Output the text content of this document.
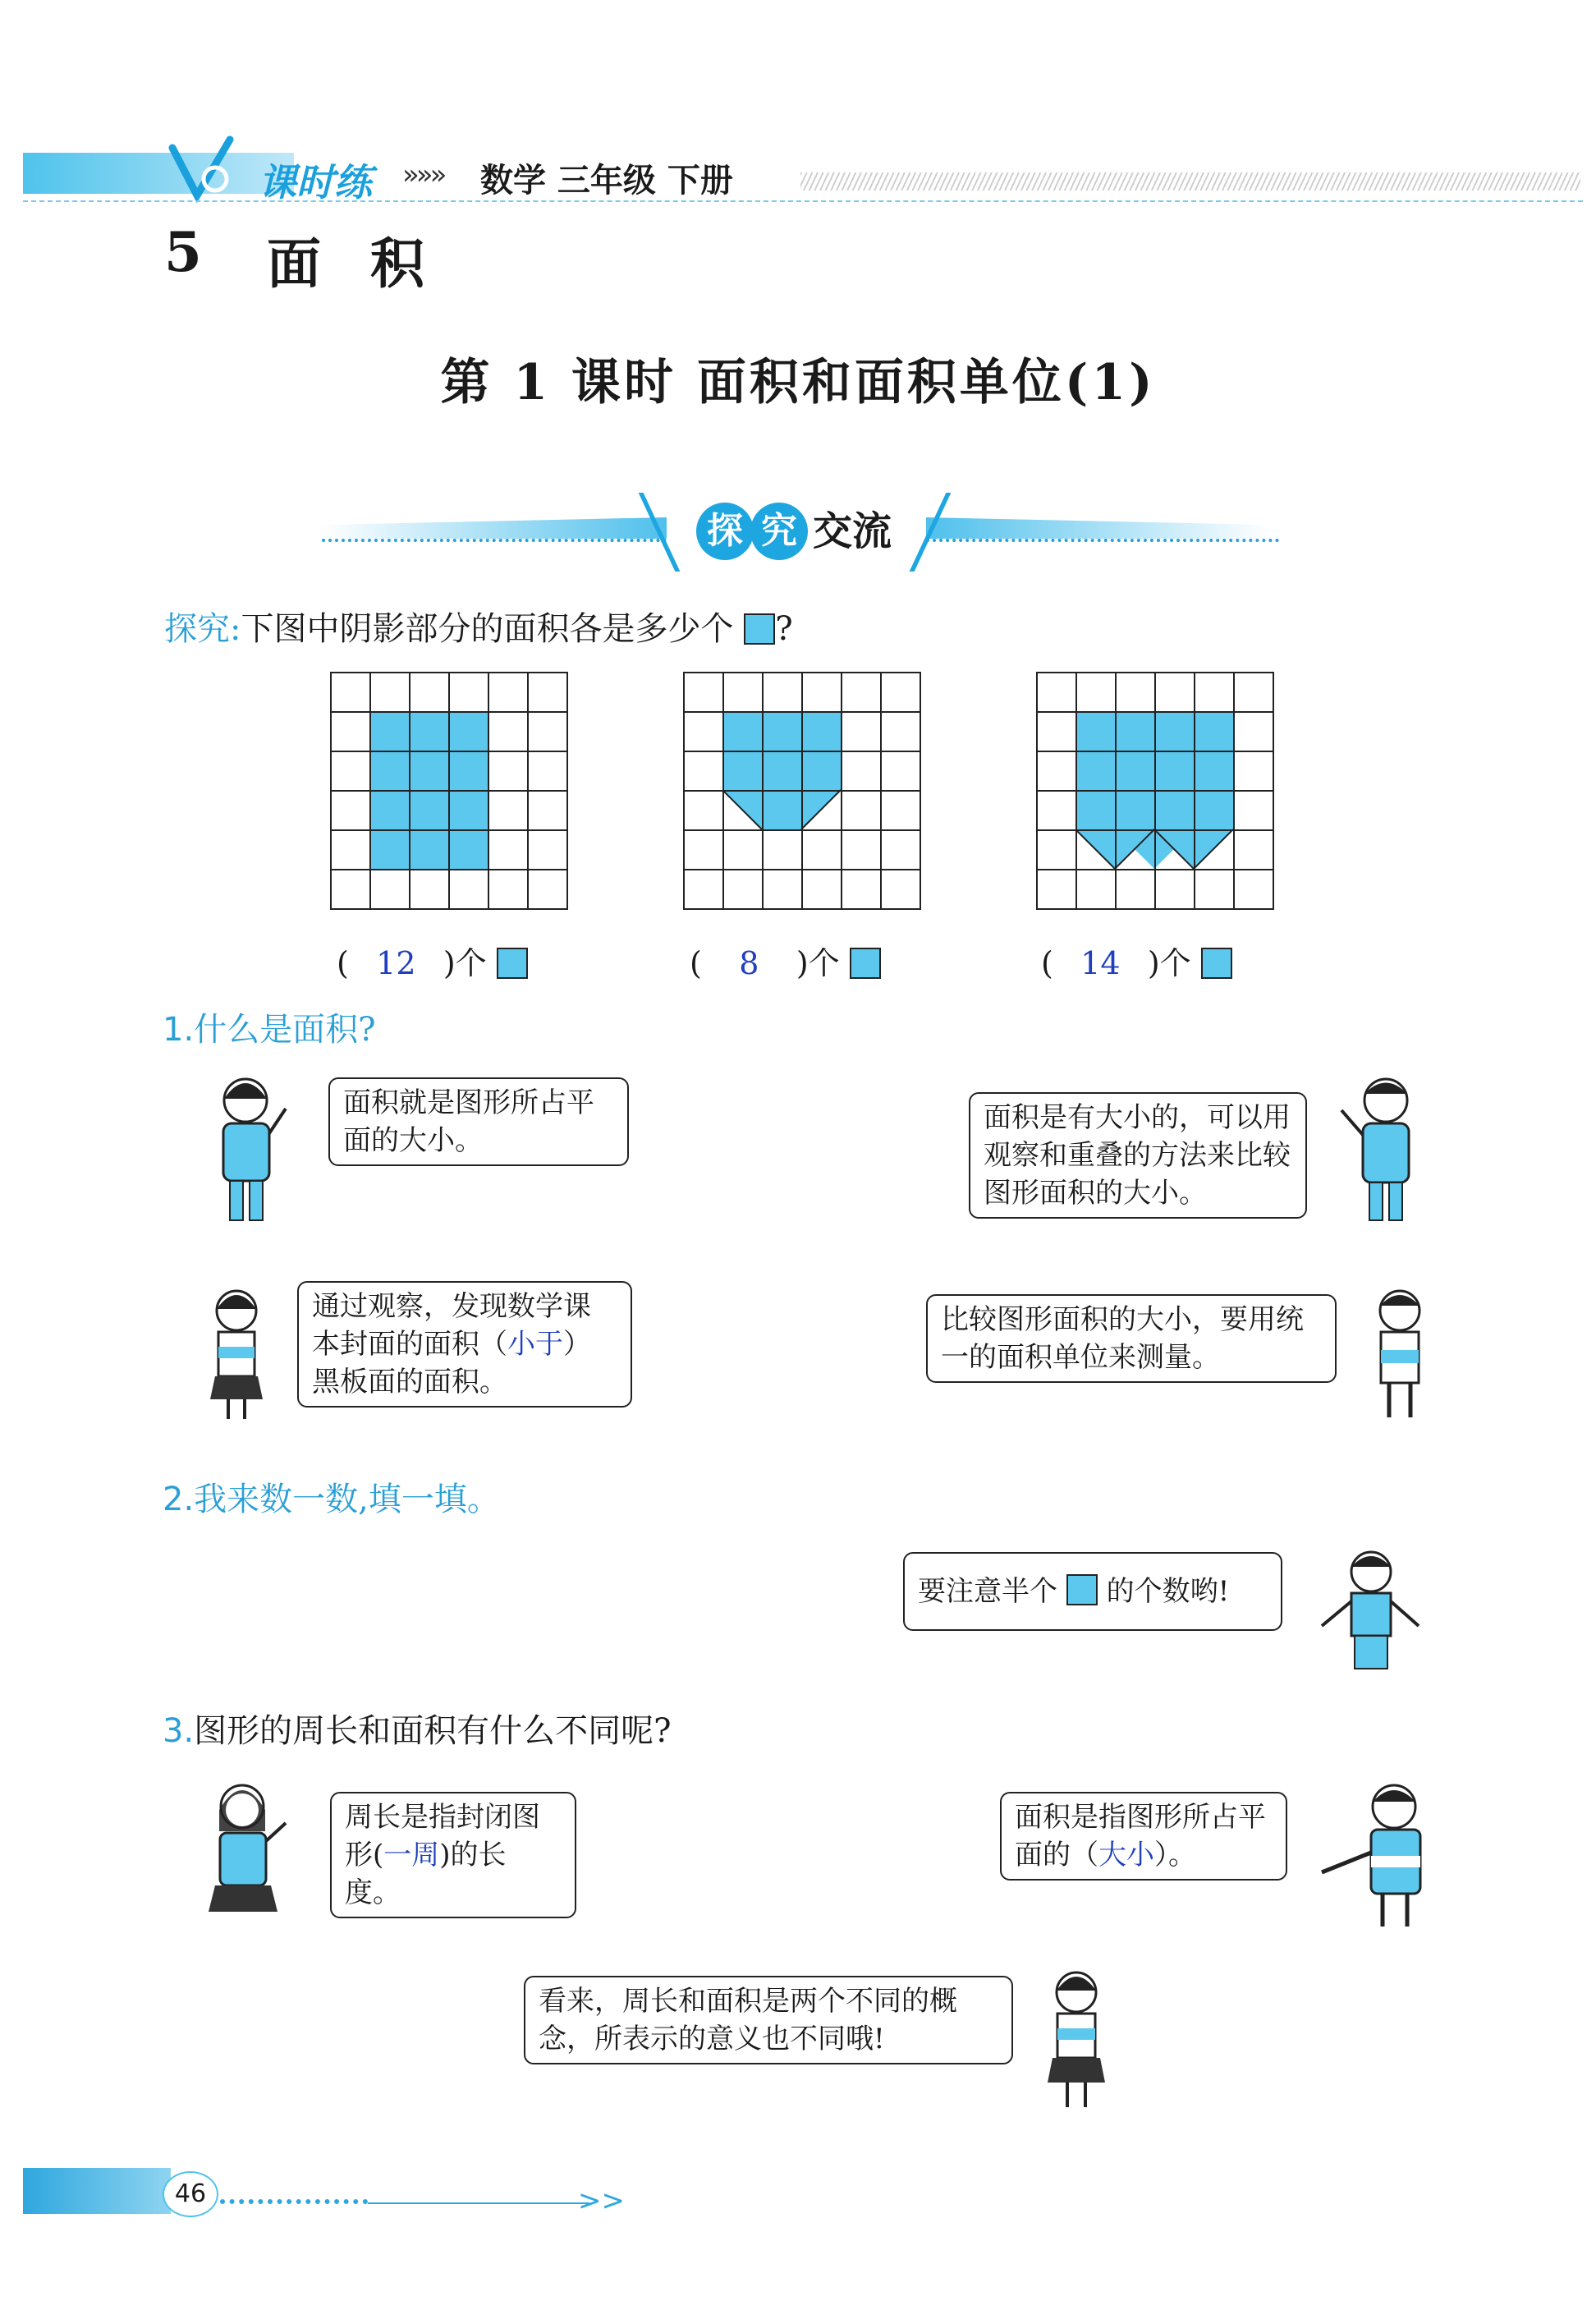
课时练 »»» 数学 三年级 下册
5 面积
第 1 课时 面积和面积单位(1)
探 究 交流
探究:下图中阴影部分的面积各是多少个 ?
( 12 )个	( 8 )个	( 14 )个
1.什么是面积?
面积就是图形所占平面的大小。
面积是有大小的，可以用观察和重叠的方法来比较图形面积的大小。
通过观察，发现数学课本封面的面积（小于）黑板面的面积。
比较图形面积的大小，要用统一的面积单位来测量。
2.我来数一数,填一填。
要注意半个 的个数哟!
3.图形的周长和面积有什么不同呢?
周长是指封闭图形(一周)的长度。
面积是指图形所占平面的（大小）。
看来，周长和面积是两个不同的概念，所表示的意义也不同哦!
46	>>
